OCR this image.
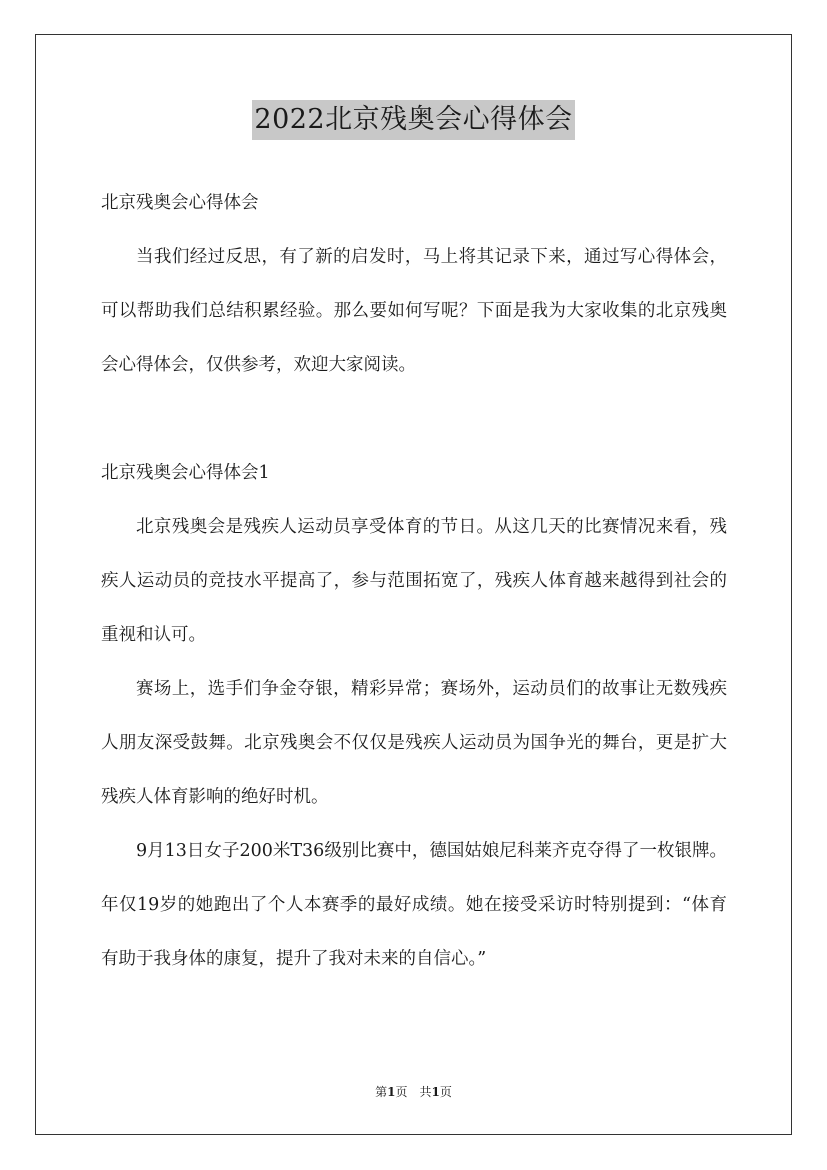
2022北京残奥会心得体会

北京残奥会心得体会

当我们经过反思，有了新的启发时，马上将其记录下来，通过写心得体会，可以帮助我们总结积累经验。那么要如何写呢？下面是我为大家收集的北京残奥会心得体会，仅供参考，欢迎大家阅读。

北京残奥会心得体会1

北京残奥会是残疾人运动员享受体育的节日。从这几天的比赛情况来看，残疾人运动员的竞技水平提高了，参与范围拓宽了，残疾人体育越来越得到社会的重视和认可。

赛场上，选手们争金夺银，精彩异常；赛场外，运动员们的故事让无数残疾人朋友深受鼓舞。北京残奥会不仅仅是残疾人运动员为国争光的舞台，更是扩大残疾人体育影响的绝好时机。

9月13日女子200米T36级别比赛中，德国姑娘尼科莱齐克夺得了一枚银牌。年仅19岁的她跑出了个人本赛季的最好成绩。她在接受采访时特别提到：“体育有助于我身体的康复，提升了我对未来的自信心。”

第1页　共1页
